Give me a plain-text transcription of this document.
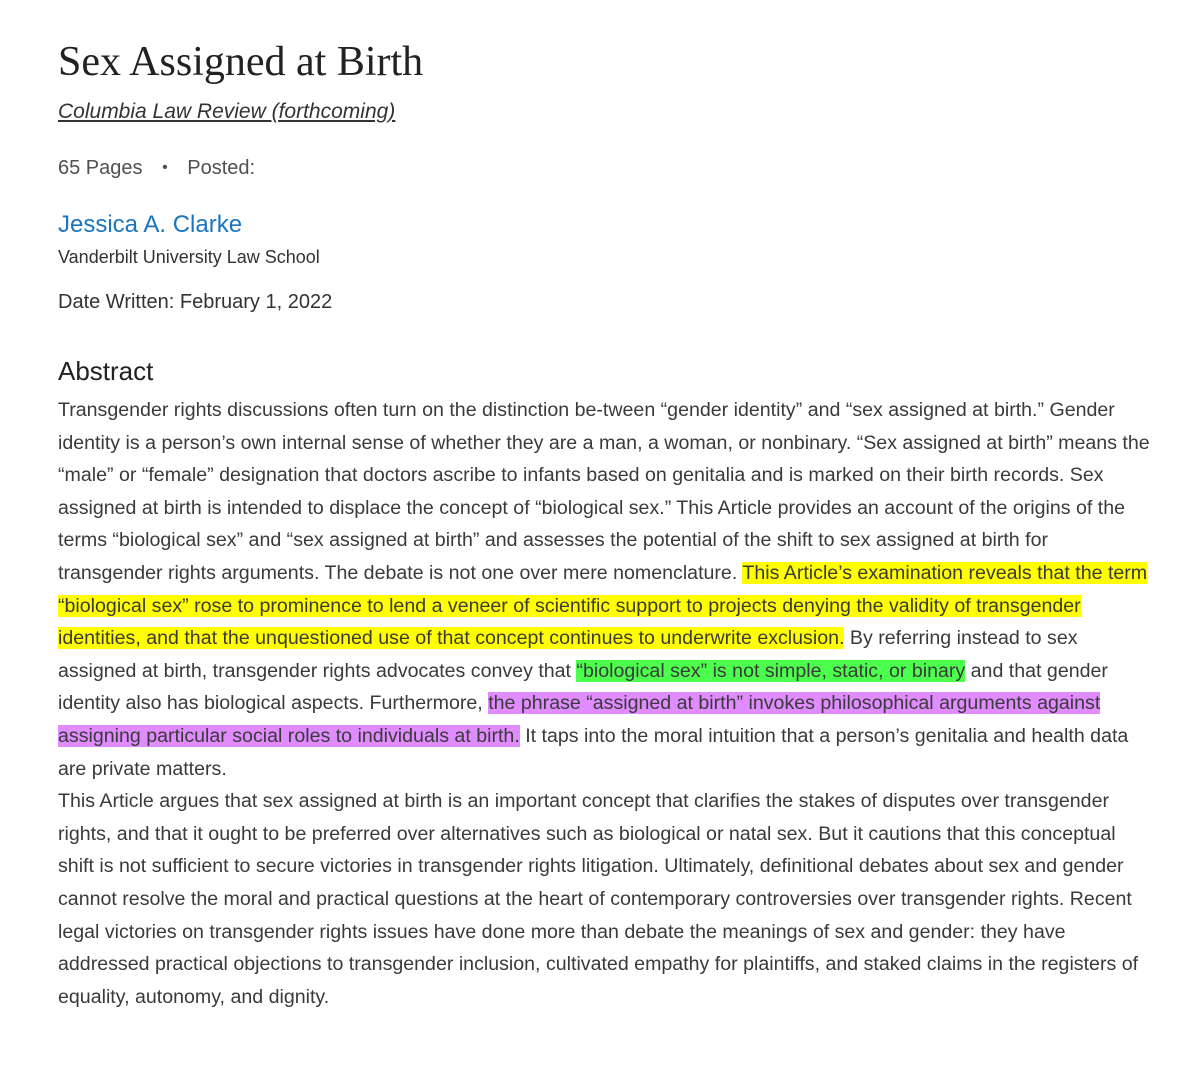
Sex Assigned at Birth
Columbia Law Review (forthcoming)
65 Pages • Posted:
Jessica A. Clarke
Vanderbilt University Law School
Date Written: February 1, 2022
Abstract

Transgender rights discussions often turn on the distinction be-tween “gender identity” and “sex assigned at birth.” Gender identity is a person’s own internal sense of whether they are a man, a woman, or nonbinary. “Sex assigned at birth” means the “male” or “female” designation that doctors ascribe to infants based on genitalia and is marked on their birth records. Sex assigned at birth is intended to displace the concept of “biological sex.” This Article provides an account of the origins of the terms “biological sex” and “sex assigned at birth” and assesses the potential of the shift to sex assigned at birth for transgender rights arguments. The debate is not one over mere nomenclature. This Article’s examination reveals that the term “biological sex” rose to prominence to lend a veneer of scientific support to projects denying the validity of transgender identities, and that the unquestioned use of that concept continues to underwrite exclusion. By referring instead to sex assigned at birth, transgender rights advocates convey that “biological sex” is not simple, static, or binary and that gender identity also has biological aspects. Furthermore, the phrase “assigned at birth” invokes philosophical arguments against assigning particular social roles to individuals at birth. It taps into the moral intuition that a person’s genitalia and health data are private matters.

This Article argues that sex assigned at birth is an important concept that clarifies the stakes of disputes over transgender rights, and that it ought to be preferred over alternatives such as biological or natal sex. But it cautions that this conceptual shift is not sufficient to secure victories in transgender rights litigation. Ultimately, definitional debates about sex and gender cannot resolve the moral and practical questions at the heart of contemporary controversies over transgender rights. Recent legal victories on transgender rights issues have done more than debate the meanings of sex and gender: they have addressed practical objections to transgender inclusion, cultivated empathy for plaintiffs, and staked claims in the registers of equality, autonomy, and dignity.
